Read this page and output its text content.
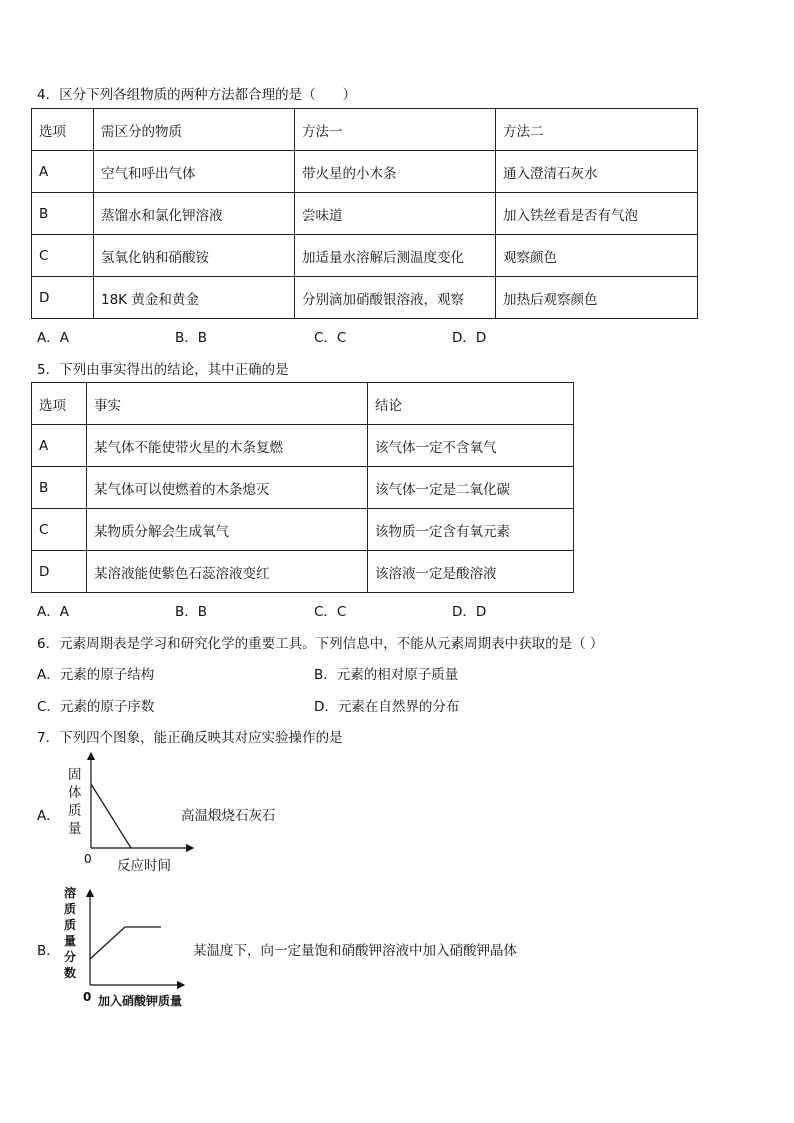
4．区分下列各组物质的两种方法都合理的是（　　）
选项	需区分的物质	方法一	方法二
A	空气和呼出气体	带火星的小木条	通入澄清石灰水
B	蒸馏水和氯化钾溶液	尝味道	加入铁丝看是否有气泡
C	氢氧化钠和硝酸铵	加适量水溶解后测温度变化	观察颜色
D	18K 黄金和黄金	分别滴加硝酸银溶液，观察	加热后观察颜色
A．A	B．B	C．C	D．D
5．下列由事实得出的结论，其中正确的是
选项	事实	结论
A	某气体不能使带火星的木条复燃	该气体一定不含氧气
B	某气体可以使燃着的木条熄灭	该气体一定是二氧化碳
C	某物质分解会生成氧气	该物质一定含有氧元素
D	某溶液能使紫色石蕊溶液变红	该溶液一定是酸溶液
A．A	B．B	C．C	D．D
6．元素周期表是学习和研究化学的重要工具。下列信息中，不能从元素周期表中获取的是（ ）
A．元素的原子结构	B．元素的相对原子质量
C．元素的原子序数	D．元素在自然界的分布
7．下列四个图象，能正确反映其对应实验操作的是
A．
固
体
质
量
0 反应时间
高温煅烧石灰石
B．
溶
质
质
量
分
数
0 加入硝酸钾质量
某温度下，向一定量饱和硝酸钾溶液中加入硝酸钾晶体
